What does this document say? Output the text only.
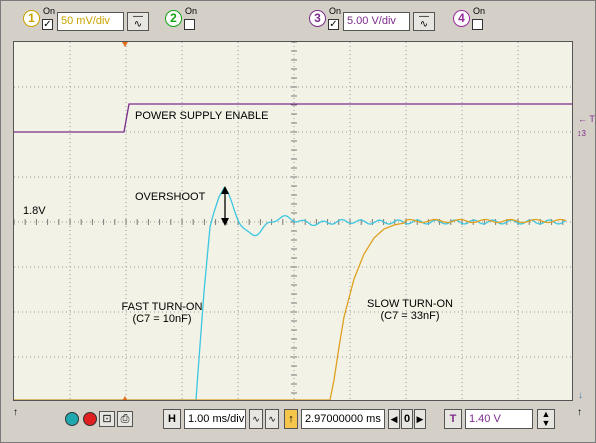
1 On
✓ 50 mV/div	—
∿	2 On	3 On
✓ 5.00 V/div	—
∿	4 On
POWER SUPPLY ENABLE
OVERSHOOT
1.8V
FAST TURN-ON
(C7 = 10nF)
SLOW TURN-ON
(C7 = 33nF)
← T
↕3
↓
↑
⊡ ⎙	H	1.00 ms/div ∿ ∿	↑	2.97000000 ms	◀ 0 ▶	T	1.40 V	▲
▼
↑
